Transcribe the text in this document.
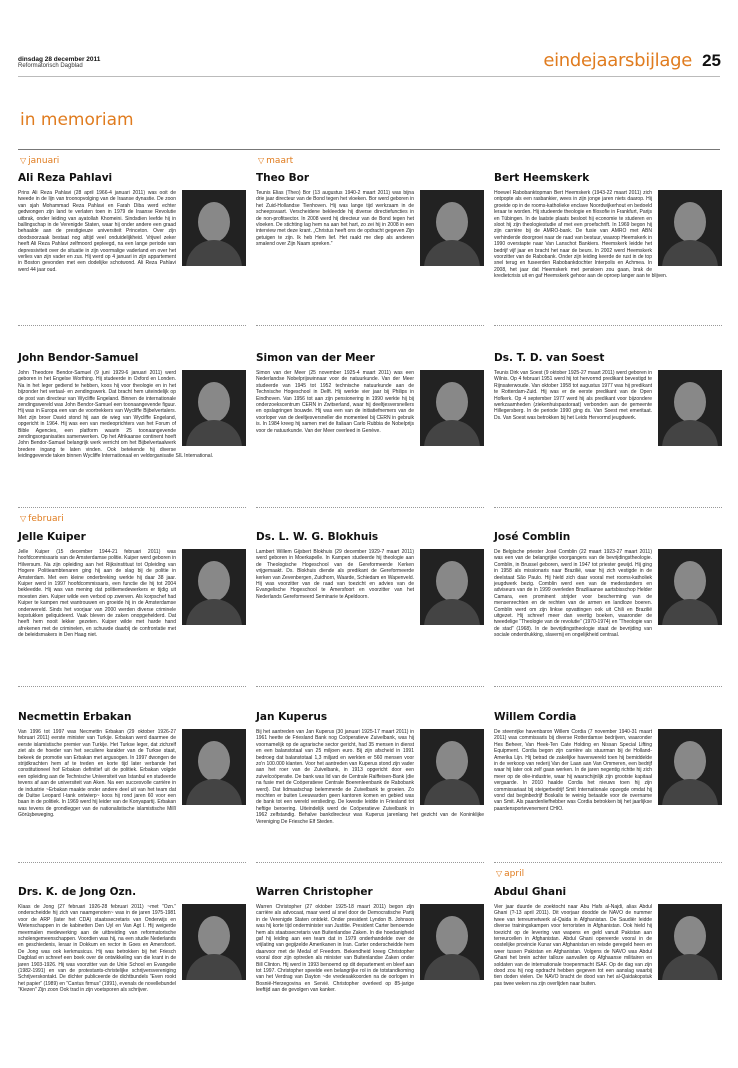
dinsdag 28 december 2011
Reformatorisch Dagblad	eindejaarsbijlage 25
in memoriam
▽ januari	▽ maart
▽ februari
▽ april
Ali Reza Pahlavi
Prins Ali Reza Pahlavi (28 april 1966-4 januari 2011) was ooit de tweede in de lijn van troonopvolging van de Iraanse dynastie. De zoon van sjah Mohammad Reza Pahlavi en Farah Diba werd echter gedwongen zijn land te verlaten toen in 1979 de Iraanse Revolutie uitbrak, onder leiding van ayatollah Khomeini. Sindsdien leefde hij in ballingschap in de Verenigde Staten, waar hij onder andere een graad behaalde aan de prestigieuze universiteit Princeton. Over zijn doodsoorzaak bestaat nog altijd veel onduidelijkheid. Vrijwel zeker heeft Ali Reza Pahlavi zelfmoord gepleegd, na een lange periode van depressiviteit over de situatie in zijn voormalige vaderland en over het verlies van zijn vader en zus. Hij werd op 4 januari in zijn appartement in Boston gevonden met een dodelijke schotwond. Ali Reza Pahlavi werd 44 jaar oud.
Theo Bor
Teunis Elias (Theo) Bor (13 augustus 1940-2 maart 2011) was bijna drie jaar directeur van de Bond tegen het vloeken. Bor werd geboren in het Zuid-Hollandse Tienhoven. Hij was lange tijd werkzaam in de scheepsvaart. Verscheidene bekleedde hij diverse directiefuncties in de non-profitsector. In 2008 werd hij directeur van de Bond tegen het vloeken. De stichting lag hem na aan het hart, zo zei hij in 2008 in een interview met deze krant. „Christus heeft ons de opdracht gegeven Zijn getuigen te zijn. Ik heb Hem lief. Het raakt me diep als anderen smalend over Zijn Naam spreken.”
Bert Heemskerk
Hoewel Rabobanktopman Bert Heemskerk (1943-22 maart 2011) zich ontpopte als een rasbankier, wees in zijn jonge jaren niets daarop. Hij groeide op in de rooms-katholieke enclave Noordwijkerhout en bedoeld leraar te worden. Hij studeerde theologie en filosofie in Frankfurt, Parijs en Tübingen. In de laatste plaats besloot hij economie te studeren en sloot hij zijn theologiestudie af met een proefschrift. In 1969 begon hij zijn carrière bij de AMRO-bank. De fusie van AMRO met ABN verhinderde doorgroei naar de raad van bestuur, waarop Heemskerk in 1990 overstapte naar Van Lanschot Bankiers. Heemskerk leidde het bedrijf vijf jaar en bracht het naar de beurs. In 2002 werd Heemskerk voorzitter van de Rabobank. Onder zijn leiding keerde de rust in de top snel terug en fuseerden Rabobankdochter Interpolis en Achmea. In 2008, het jaar dat Heemskerk met pensioen zou gaan, brak de kredietcrisis uit en gaf Heemskerk gehoor aan de oproep langer aan te blijven.
John Bendor-Samuel
John Theodore Bendor-Samuel (9 juni 1929-6 januari 2011) werd geboren in het Engelse Worthing. Hij studeerde in Oxford en Londen. Na in het leger gediend te hebben, koos hij voor theologie en in het bijzonder het vertaal- en zendingswerk. Dat bracht hem uiteindelijk op de post van directeur van Wycliffe Engeland. Binnen de internationale zendingswereld was John Bendor-Samuel een toonaangevende figuur. Hij was in Europa een van de voortrekkers van Wycliffe Bijbelvertalers. Met zijn broer David stond hij aan de wieg van Wycliffe Engeland, opgericht in 1964. Hij was een van medeoprichters van het Forum of Bible Agencies, een platform waarin 25 toonaangevende zendingsorganisaties samenwerken. Op het Afrikaanse continent hoeft John Bendor-Samuel belangrijk werk verricht om het Bijbelvertaalwerk bredere ingang te laten vinden. Ook betekende hij diverse leidinggevende taken binnen Wycliffe Internationaal en veldorganisatie SIL International.
Simon van der Meer
Simon van der Meer (25 november 1925-4 maart 2011) was een Nederlandse Nobelprijswinnaar voor de natuurkunde. Van der Meer studeerde van 1945 tot 1952 technische natuurkunde aan de Technische Hogeschool in Delft. Hij werkte vier jaar bij Philips in Eindhoven. Van 1956 tot aan zijn pensionering in 1990 werkte hij bij onderzoekscentrum CERN in Zwitserland, waar hij deeltjesversnellers en opslagringen bouwde. Hij was een van de initiatiefnemers van de voorloper van de deeltjesversneller die momenteel bij CERN in gebruik is. In 1984 kreeg hij samen met de Italiaan Carlo Rubbia de Nobelprijs voor de natuurkunde. Van der Meer overleed in Genève.
Ds. T. D. van Soest
Teunis Dirk van Soest (9 oktober 1925-27 maart 2011) werd geboren in Wilnis. Op 4 februari 1951 werd hij tot hervormd predikant bevestigd te Rijnsaterwoude. Van oktober 1958 tot augustus 1977 was hij predikant te Rotterdam-Zuid. Hij was er de eerste predikant van de Open Hofkerk. Op 4 september 1977 werd hij als predikant voor bijzondere werkzaamheden (ziekenhuispastoraat) verbonden aan de gemeente Hillegersberg. In de periode 1990 ging ds. Van Soest met emeritaat. Ds. Van Soest was betrokken bij het Leids Hervormd jeugdwerk.
Jelle Kuiper
Jelle Kuiper (15 december 1944-21 februari 2011) was hoofdcommissaris van de Amsterdamse politie. Kuiper werd geboren in Hilversum. Na zijn opleiding aan het Rijksinstituut tot Opleiding van Hogere Politieambtenaren ging hij aan de slag bij de politie in Amsterdam. Met een kleine onderbreking werkte hij daar 38 jaar. Kuiper werd in 1997 hoofdcommissaris, een functie die hij tot 2004 bekleedde. Hij was van mening dat politiemedewerkers er tijdig uit moesten zien. Kuiper wilde een verbod op zwerven. Als korpschef had Kuiper te kampen met wantrouwen en groeide hij in de Amsterdamse onderwereld. Sinds het voorjaar van 2000 werden diverse criminele kopstukken geliquideerd. Vaak bleven de zaken onopgehelderd. Dat heeft hem nooit lekker gezeten. Kuiper wilde met harde hand afrekenen met de criminelen, en schuwde daarbij de confrontatie met de beleidsmakers in Den Haag niet.
Ds. L. W. G. Blokhuis
Lambert Willem Gijsbert Blokhuis (29 december 1929-7 maart 2011) werd geboren in Moerkapelle. In Kampen studeerde hij theologie aan de Theologische Hogeschool van de Gereformeerde Kerken vrijgemaakt. Ds. Blokhuis diende als predikant de Gereformeerde kerken van Zevenbergen, Zuidhorn, Waarde, Schiedam en Wapenveld. Hij was voorzitter van de raad van toezicht en advies van de Evangelische Hogeschool te Amersfoort en voorzitter van het Nederlands Gereformeerd Seminarie te Apeldoorn.
José Comblin
De Belgische priester José Comblin (22 maart 1923-27 maart 2011) was een van de belangrijke voorgangers van de bevrijdingstheologie. Comblin, in Brussel geboren, werd in 1947 tot priester gewijd. Hij ging in 1958 als missionaris naar Brazilië, waar hij zich vestigde in de deelstaat São Paulo. Hij hield zich daar vooral met rooms-katholiek jeugdwerk bezig. Comblin werd een van de medestanders en adviseurs van de in 1999 overleden Braziliaanse aartsbisschop Helder Camara, een prominent strijder voor bescherming van de mensenrechten en de rechten van de armen en landloze boeren. Comblin werd om zijn linkse opvattingen ook uit Chili en Brazilië uitgezet. Hij schreef meer dan veertig boeken, waaronder de tweedelige “Theologie van de revolutie” (1970-1974) en “Theologie van de stad” (1968). In de bevrijdingstheologie staat de bevrijding van sociale onderdrukking, slavernij en ongelijkheid centraal.
Necmettin Erbakan
Van 1996 tot 1997 was Necmettin Erbakan (29 oktober 1926-27 februari 2011) eerste minister van Turkije. Erbakan werd daarmee de eerste islamistische premier van Turkije. Het Turkse leger, dat zichzelf ziet als de hoeder van het seculiere karakter van de Turkse staat, bekeek de promotie van Erbakan met argusogen. In 1997 dwongen de strijdkrachten hem af te treden en korte tijd later verbande het constitutioneel hof Erbakan definitief uit de politiek. Erbakan volgde een opleiding aan de Technische Universiteit van Istanbul en studeerde tevens af aan de universiteit van Aken. Na een succesvolle carrière in de industrie ~Erbakan maakte onder andere deel uit van het team dat de Duitse Leopard I-tank ontwierp~ koos hij rond jaren 60 voor een baan in de politiek. In 1969 werd hij leider van de Konyapartij. Erbakan was tevens de grondlegger van de nationalistische islamistische Millî Görüşbeweging.
Jan Kuperus
Bij het aantreden van Jan Kuperus (30 januari 1925-17 maart 2011) in 1961 heette de Friesland Bank nog Coöperatieve Zuivelbank, was hij voornamelijk op de agrarische sector gericht, had 35 mensen in dienst en een balanstotaal van 25 miljoen euro. Bij zijn afscheid in 1991 bedroeg dat balanstotaal 1,3 miljard en werkten er 560 mensen voor zo'n 100.000 klanten. Voor het aantreden van Kuperus stond zijn vader aan het roer van de Zuivelbank, in 1913 opgericht door een zuivelcoöperatie. De bank was lid van de Centrale Raiffeisen-Bank (die na fusie met de Coöperatieve Centrale Boerenleenbank de Rabobank werd). Dat lidmaatschap belemmerde de Zuivelbank te groeien. Zo mochten er buiten Leeuwarden geen kantoren komen en gebied was de bank tot een wereld verslieding. De kwestie leidde in Friesland tot heftige beroering. Uiteindelijk werd de Coöperatieve Zuivelbank in 1962 zelfstandig. Behalve bankdirecteur was Kuperus jarenlang het gezicht van de Koninklijke Vereniging De Friesche Elf Steden.
Willem Cordia
De steenrijke havenbaron Willem Cordia (7 november 1940-31 maart 2011) was commissaris bij diverse Rotterdamse bedrijven, waaronder Hes Beheer, Van Heek-Ten Cate Holding en Nissan Special Lifting Equipment. Cordia begon zijn carrière als stuurman bij de Holland-Amerika Lijn. Hij betrad de zakelijke havenwereld toen hij bemiddelde in de verkoop van rederij Van der Laan aan Van Ommeren, een bedrijf waar hij later ook zelf gaan werken. In de jaren negentig richtte hij zich meer op de olie-industrie, waar hij waarschijnlijk zijn grootste kapitaal vergaarde. In 2010 haalde Cordia het nieuws toen hij zijn commissariaat bij steigerbedrijf Smit Internationale opzegde omdat hij vond dat beginbedrijf Boskalis te weinig betaalde voor de overname van Smit. Als paardenliefhebber was Cordia betrokken bij het jaarlijkse paardensportevenement CHIO.
Drs. K. de Jong Ozn.
Klaas de Jong (27 februari 1926-28 februari 2011) ~met “Ozn.” onderscheidde hij zich van naamgenoten~ was in de jaren 1975-1981 voor de ARP (later het CDA) staatssecretaris van Onderwijs en Wetenschappen in de kabinetten Den Uyl en Van Agt I. Hij weigerde meermalen medewerking aan de uitbreiding van reformatorische scholengemeenschappen. Voordien was hij, na een studie Nederlands en geschiedenis, leraar in Dokkum en rector in Goes en Amersfoort. De Jong was ook kerkmusicus. Hij was betrokken bij het Friesch Dagblad en schreef een boek over de ontwikkeling van die krant in de jaren 1903-1926. Hij was voorzitter van de Unie School en Evangelie (1982-1991) en van de protestants-christelijke schrijversvereniging Schrijverskontakt. De dichter publiceerde de dichtbundels “Even rookt het papier” (1989) en “Cantus firmus” (1991), evenals de novellebundel “Kiezen” Zijn zoon Ook trad in zijn voetsporen als schrijver.
Warren Christopher
Warren Christopher (27 oktober 1925-18 maart 2011) begon zijn carrière als advocaat, maar werd al snel door de Democratische Partij in de Verenigde Staten ontdekt. Onder president Lyndon B. Johnson was hij korte tijd onderminister van Justitie. President Carter benoemde hem als staatssecretaris van Buitenlandse Zaken. In die hoedanigheid gaf hij leiding aan een team dat in 1979 onderhandelde over de vrijlating van gegijzelde Amerikanen in Iran. Carter onderscheidde hem daarvoor met de Medal of Freedom. Bekendheid kreeg Christopher vooral door zijn optreden als minister van Buitenlandse Zaken onder Bill Clinton. Hij werd in 1993 benoemd op dit departement en bleef aan tot 1997. Christopher speelde een belangrijke rol in de totstandkoming van het Verdrag van Dayton ~de vredesakkoorden na de oorlogen in Bosnië-Herzegovina en Servië. Christopher overleed op 85-jarige leeftijd aan de gevolgen van kanker.
Abdul Ghani
Vier jaar duurde de zoektocht naar Abu Hafs al-Najdi, alias Abdul Ghani (?-13 april 2011). Dit voorjaar doodde de NAVO de nummer twee van terreurnetwerk al-Qaida in Afghanistan. De Saudiër leidde diverse trainingskampen voor terroristen in Afghanistan. Ook hield hij toezicht op de levering van wapens en geld vanuit Pakistan aan terreurcellen in Afghanistan. Abdul Ghani opereerde vooral in de oostelijke provincie Kunar van Afghanistan en reisde geregeld heen en weer tussen Pakistan en Afghanistan. Volgens de NAVO was Abdul Ghani het brein achter talloze aanvallen op Afghaanse militairen en soldaten van de internationale troepenmacht ISAF. Op de dag van zijn dood zou hij nog opdracht hebben gegeven tot een aanslag waarbij tien doden vielen. De NAVO bracht de dood van het al-Qaidakopstuk pas twee weken na zijn overlijden naar buiten.
